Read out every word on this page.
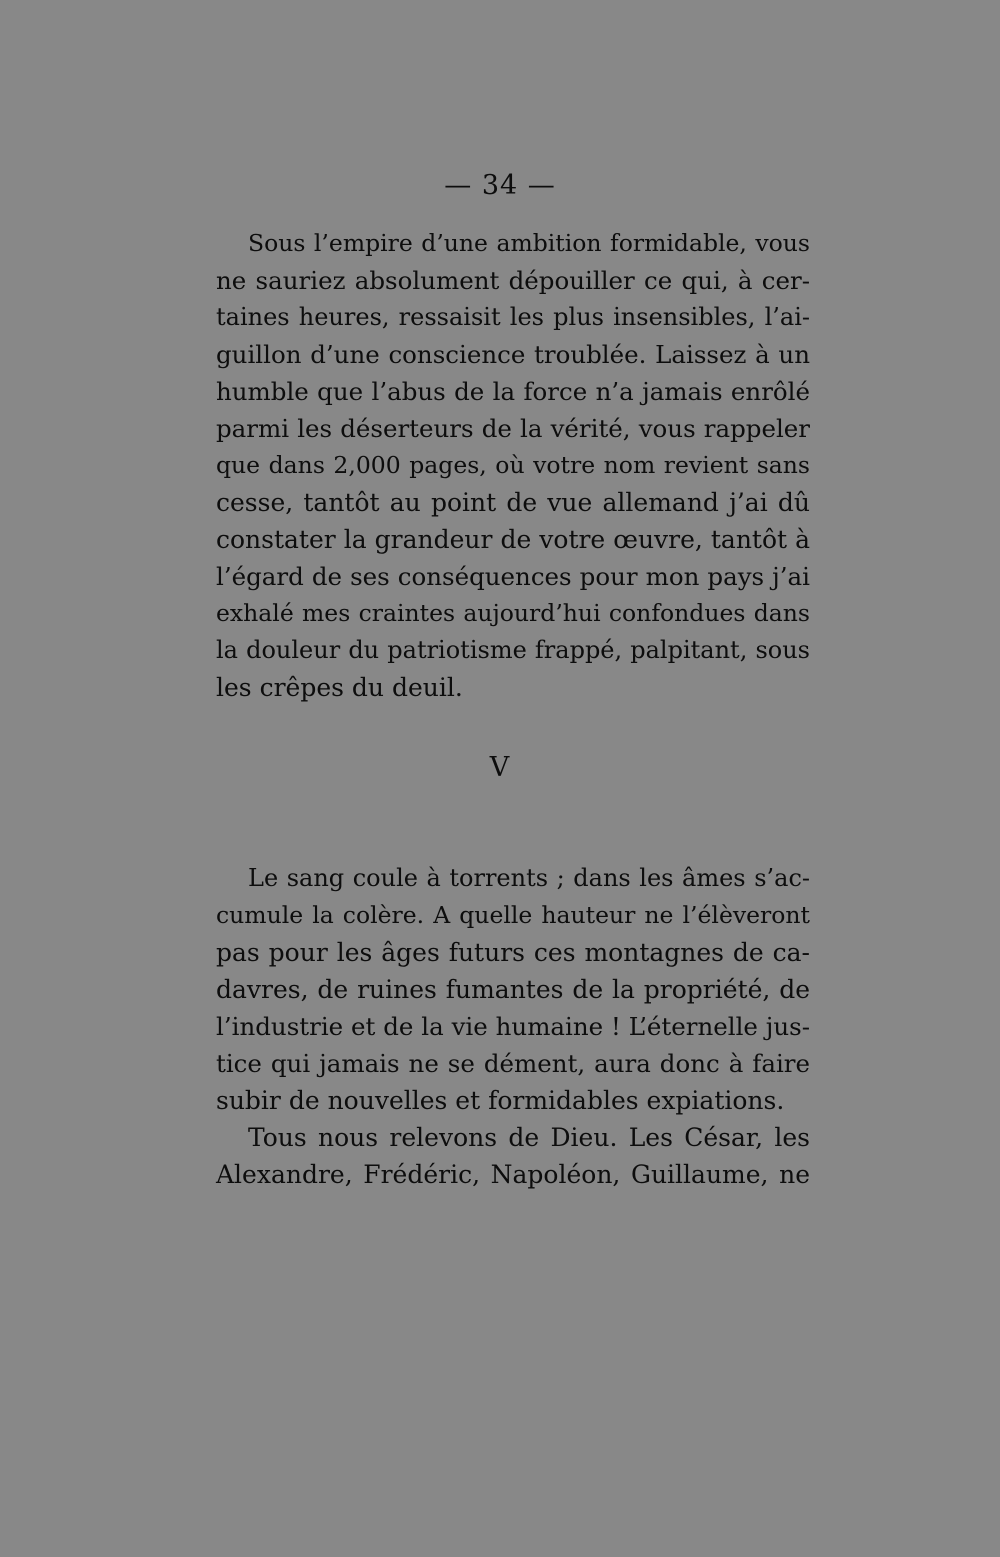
— 34 —
Sous l’empire d’une ambition formidable, vous
ne sauriez absolument dépouiller ce qui, à cer-
taines heures, ressaisit les plus insensibles, l’ai-
guillon d’une conscience troublée. Laissez à un
humble que l’abus de la force n’a jamais enrôlé
parmi les déserteurs de la vérité, vous rappeler
que dans 2,000 pages, où votre nom revient sans
cesse, tantôt au point de vue allemand j’ai dû
constater la grandeur de votre œuvre, tantôt à
l’égard de ses conséquences pour mon pays j’ai
exhalé mes craintes aujourd’hui confondues dans
la douleur du patriotisme frappé, palpitant, sous
les crêpes du deuil.
V
Le sang coule à torrents ; dans les âmes s’ac-
cumule la colère. A quelle hauteur ne l’élèveront
pas pour les âges futurs ces montagnes de ca-
davres, de ruines fumantes de la propriété, de
l’industrie et de la vie humaine ! L’éternelle jus-
tice qui jamais ne se dément, aura donc à faire
subir de nouvelles et formidables expiations.
Tous nous relevons de Dieu. Les César, les
Alexandre, Frédéric, Napoléon, Guillaume, ne
